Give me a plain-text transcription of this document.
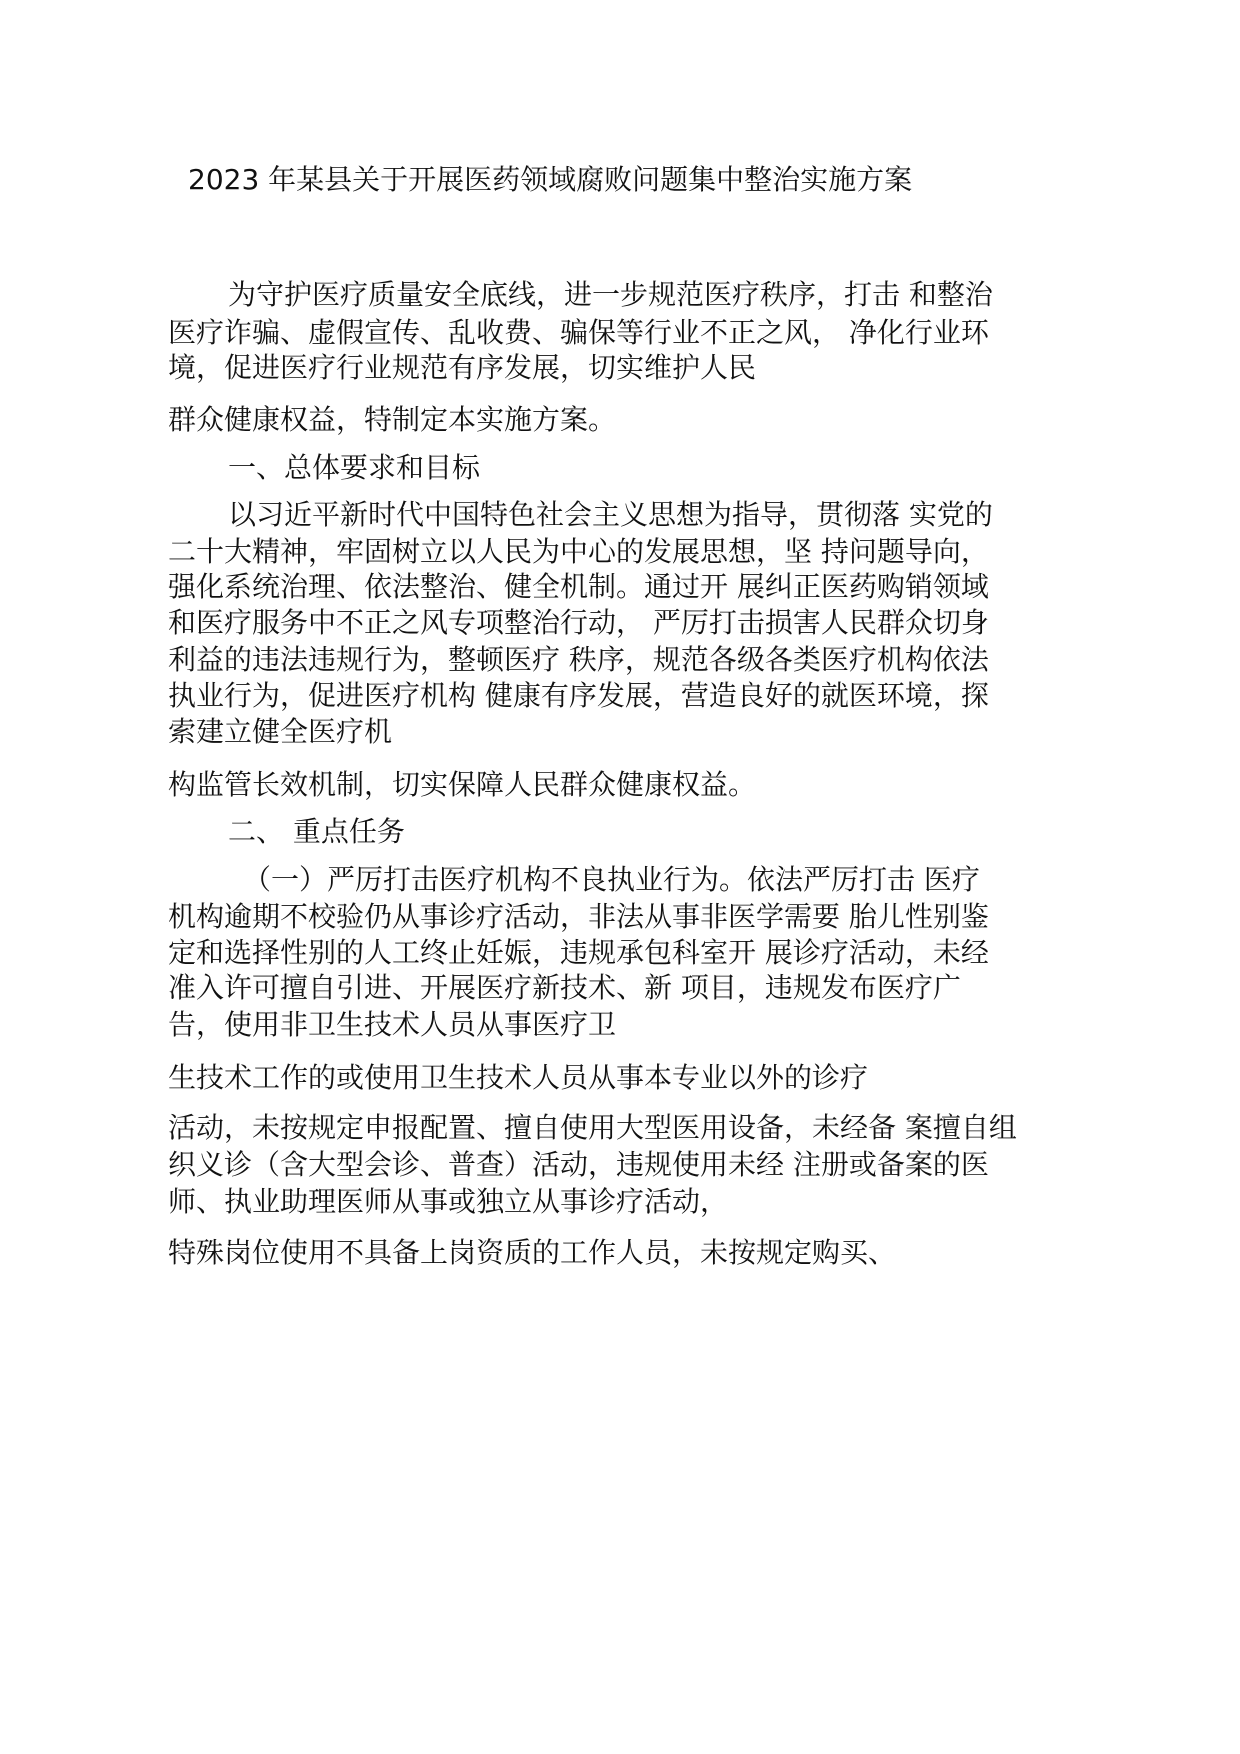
2023 年某县关于开展医药领域腐败问题集中整治实施方案
为守护医疗质量安全底线，进一步规范医疗秩序，打击 和整治
医疗诈骗、虚假宣传、乱收费、骗保等行业不正之风， 净化行业环
境，促进医疗行业规范有序发展，切实维护人民
群众健康权益，特制定本实施方案。
一、总体要求和目标
以习近平新时代中国特色社会主义思想为指导，贯彻落 实党的
二十大精神，牢固树立以人民为中心的发展思想，坚 持问题导向，
强化系统治理、依法整治、健全机制。通过开 展纠正医药购销领域
和医疗服务中不正之风专项整治行动， 严厉打击损害人民群众切身
利益的违法违规行为，整顿医疗 秩序，规范各级各类医疗机构依法
执业行为，促进医疗机构 健康有序发展，营造良好的就医环境，探
索建立健全医疗机
构监管长效机制，切实保障人民群众健康权益。
二、 重点任务
（一）严厉打击医疗机构不良执业行为。依法严厉打击 医疗
机构逾期不校验仍从事诊疗活动，非法从事非医学需要 胎儿性别鉴
定和选择性别的人工终止妊娠，违规承包科室开 展诊疗活动，未经
准入许可擅自引进、开展医疗新技术、新 项目，违规发布医疗广
告，使用非卫生技术人员从事医疗卫
生技术工作的或使用卫生技术人员从事本专业以外的诊疗
活动，未按规定申报配置、擅自使用大型医用设备，未经备 案擅自组
织义诊（含大型会诊、普查）活动，违规使用未经 注册或备案的医
师、执业助理医师从事或独立从事诊疗活动，
特殊岗位使用不具备上岗资质的工作人员，未按规定购买、
